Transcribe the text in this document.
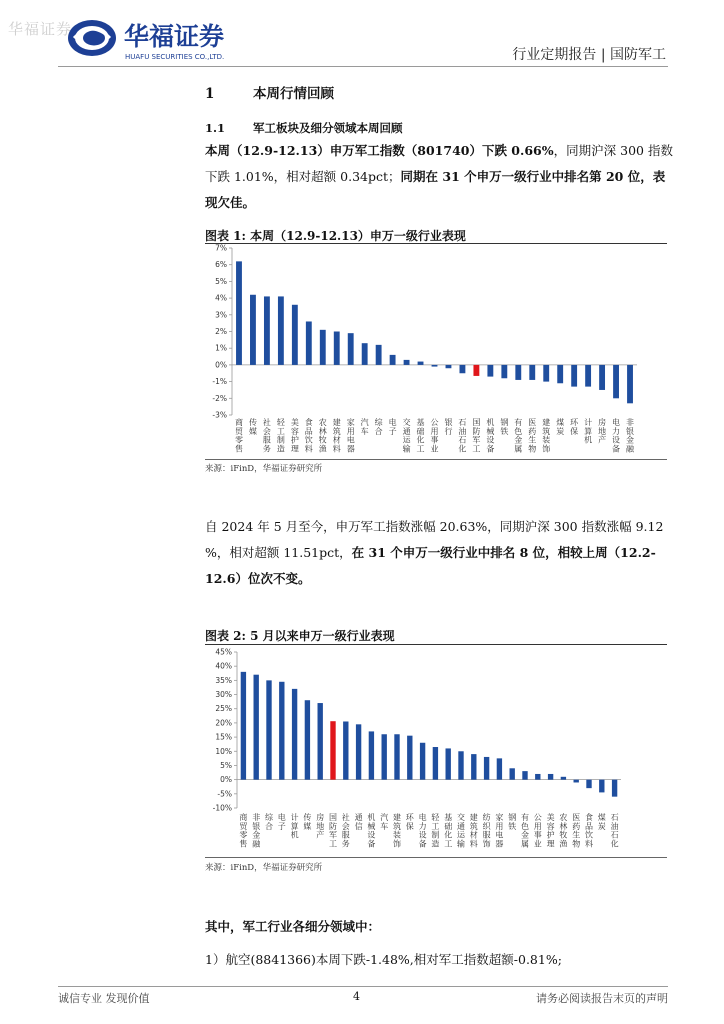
华福证券 华福证券
HUAFU SECURITIES CO.,LTD.	行业定期报告 | 国防军工
1	本周行情回顾
1.1 军工板块及细分领域本周回顾
本周（12.9-12.13）申万军工指数（801740）下跌 0.66%，同期沪深 300 指数下跌 1.01%，相对超额 0.34pct；同期在 31 个申万一级行业中排名第 20 位，表现欠佳。
图表 1: 本周（12.9-12.13）申万一级行业表现
7%
6%
5%
4%
3%
2%
1%
0%
-1%
-2%
-3%
商贸零售
传媒
社会服务
轻工制造
美容护理
食品饮料
农林牧渔
建筑材料
家用电器
汽车
综合
电子
交通运输
基础化工
公用事业
银行
石油石化
国防军工
机械设备
钢铁
有色金属
医药生物
建筑装饰
煤炭
环保
计算机
房地产
电力设备
非银金融
来源：iFinD，华福证券研究所
自 2024 年 5 月至今，申万军工指数涨幅 20.63%，同期沪深 300 指数涨幅 9.12 %，相对超额 11.51pct，在 31 个申万一级行业中排名 8 位，相较上周（12.2-12.6）位次不变。
图表 2: 5 月以来申万一级行业表现
45%
40%
35%
30%
25%
20%
15%
10%
5%
0%
-5%
-10%
商贸零售
非银金融
综合
电子
计算机
传媒
房地产
国防军工
社会服务
通信
机械设备
汽车
建筑装饰
环保
电力设备
轻工制造
基础化工
交通运输
建筑材料
纺织服饰
家用电器
钢铁
有色金属
公用事业
美容护理
农林牧渔
医药生物
食品饮料
煤炭
石油石化
来源：iFinD，华福证券研究所
其中，军工行业各细分领域中：
1）航空(8841366)本周下跌-1.48%,相对军工指数超额-0.81%;
诚信专业 发现价值	4	请务必阅读报告末页的声明
